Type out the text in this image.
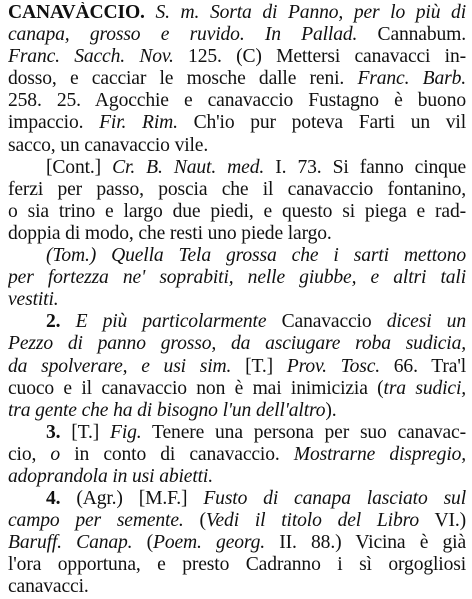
CANAVÀCCIO. S. m. Sorta di Panno, per lo più di
canapa, grosso e ruvido. In Pallad. Cannabum.
Franc. Sacch. Nov. 125. (C) Mettersi canavacci in-
dosso, e cacciar le mosche dalle reni. Franc. Barb.
258. 25. Agocchie e canavaccio Fustagno è buono
impaccio. Fir. Rim. Ch'io pur poteva Farti un vil
sacco, un canavaccio vile.
[Cont.] Cr. B. Naut. med. I. 73. Si fanno cinque
ferzi per passo, poscia che il canavaccio fontanino,
o sia trino e largo due piedi, e questo si piega e rad-
doppia di modo, che resti uno piede largo.
(Tom.) Quella Tela grossa che i sarti mettono
per fortezza ne' soprabiti, nelle giubbe, e altri tali
vestiti.
2. E più particolarmente Canavaccio dicesi un
Pezzo di panno grosso, da asciugare roba sudicia,
da spolverare, e usi sim. [T.] Prov. Tosc. 66. Tra'l
cuoco e il canavaccio non è mai inimicizia (tra sudici,
tra gente che ha di bisogno l'un dell'altro).
3. [T.] Fig. Tenere una persona per suo canavac-
cio, o in conto di canavaccio. Mostrarne dispregio,
adoprandola in usi abietti.
4. (Agr.) [M.F.] Fusto di canapa lasciato sul
campo per semente. (Vedi il titolo del Libro VI.)
Baruff. Canap. (Poem. georg. II. 88.) Vicina è già
l'ora opportuna, e presto Cadranno i sì orgogliosi
canavacci.
